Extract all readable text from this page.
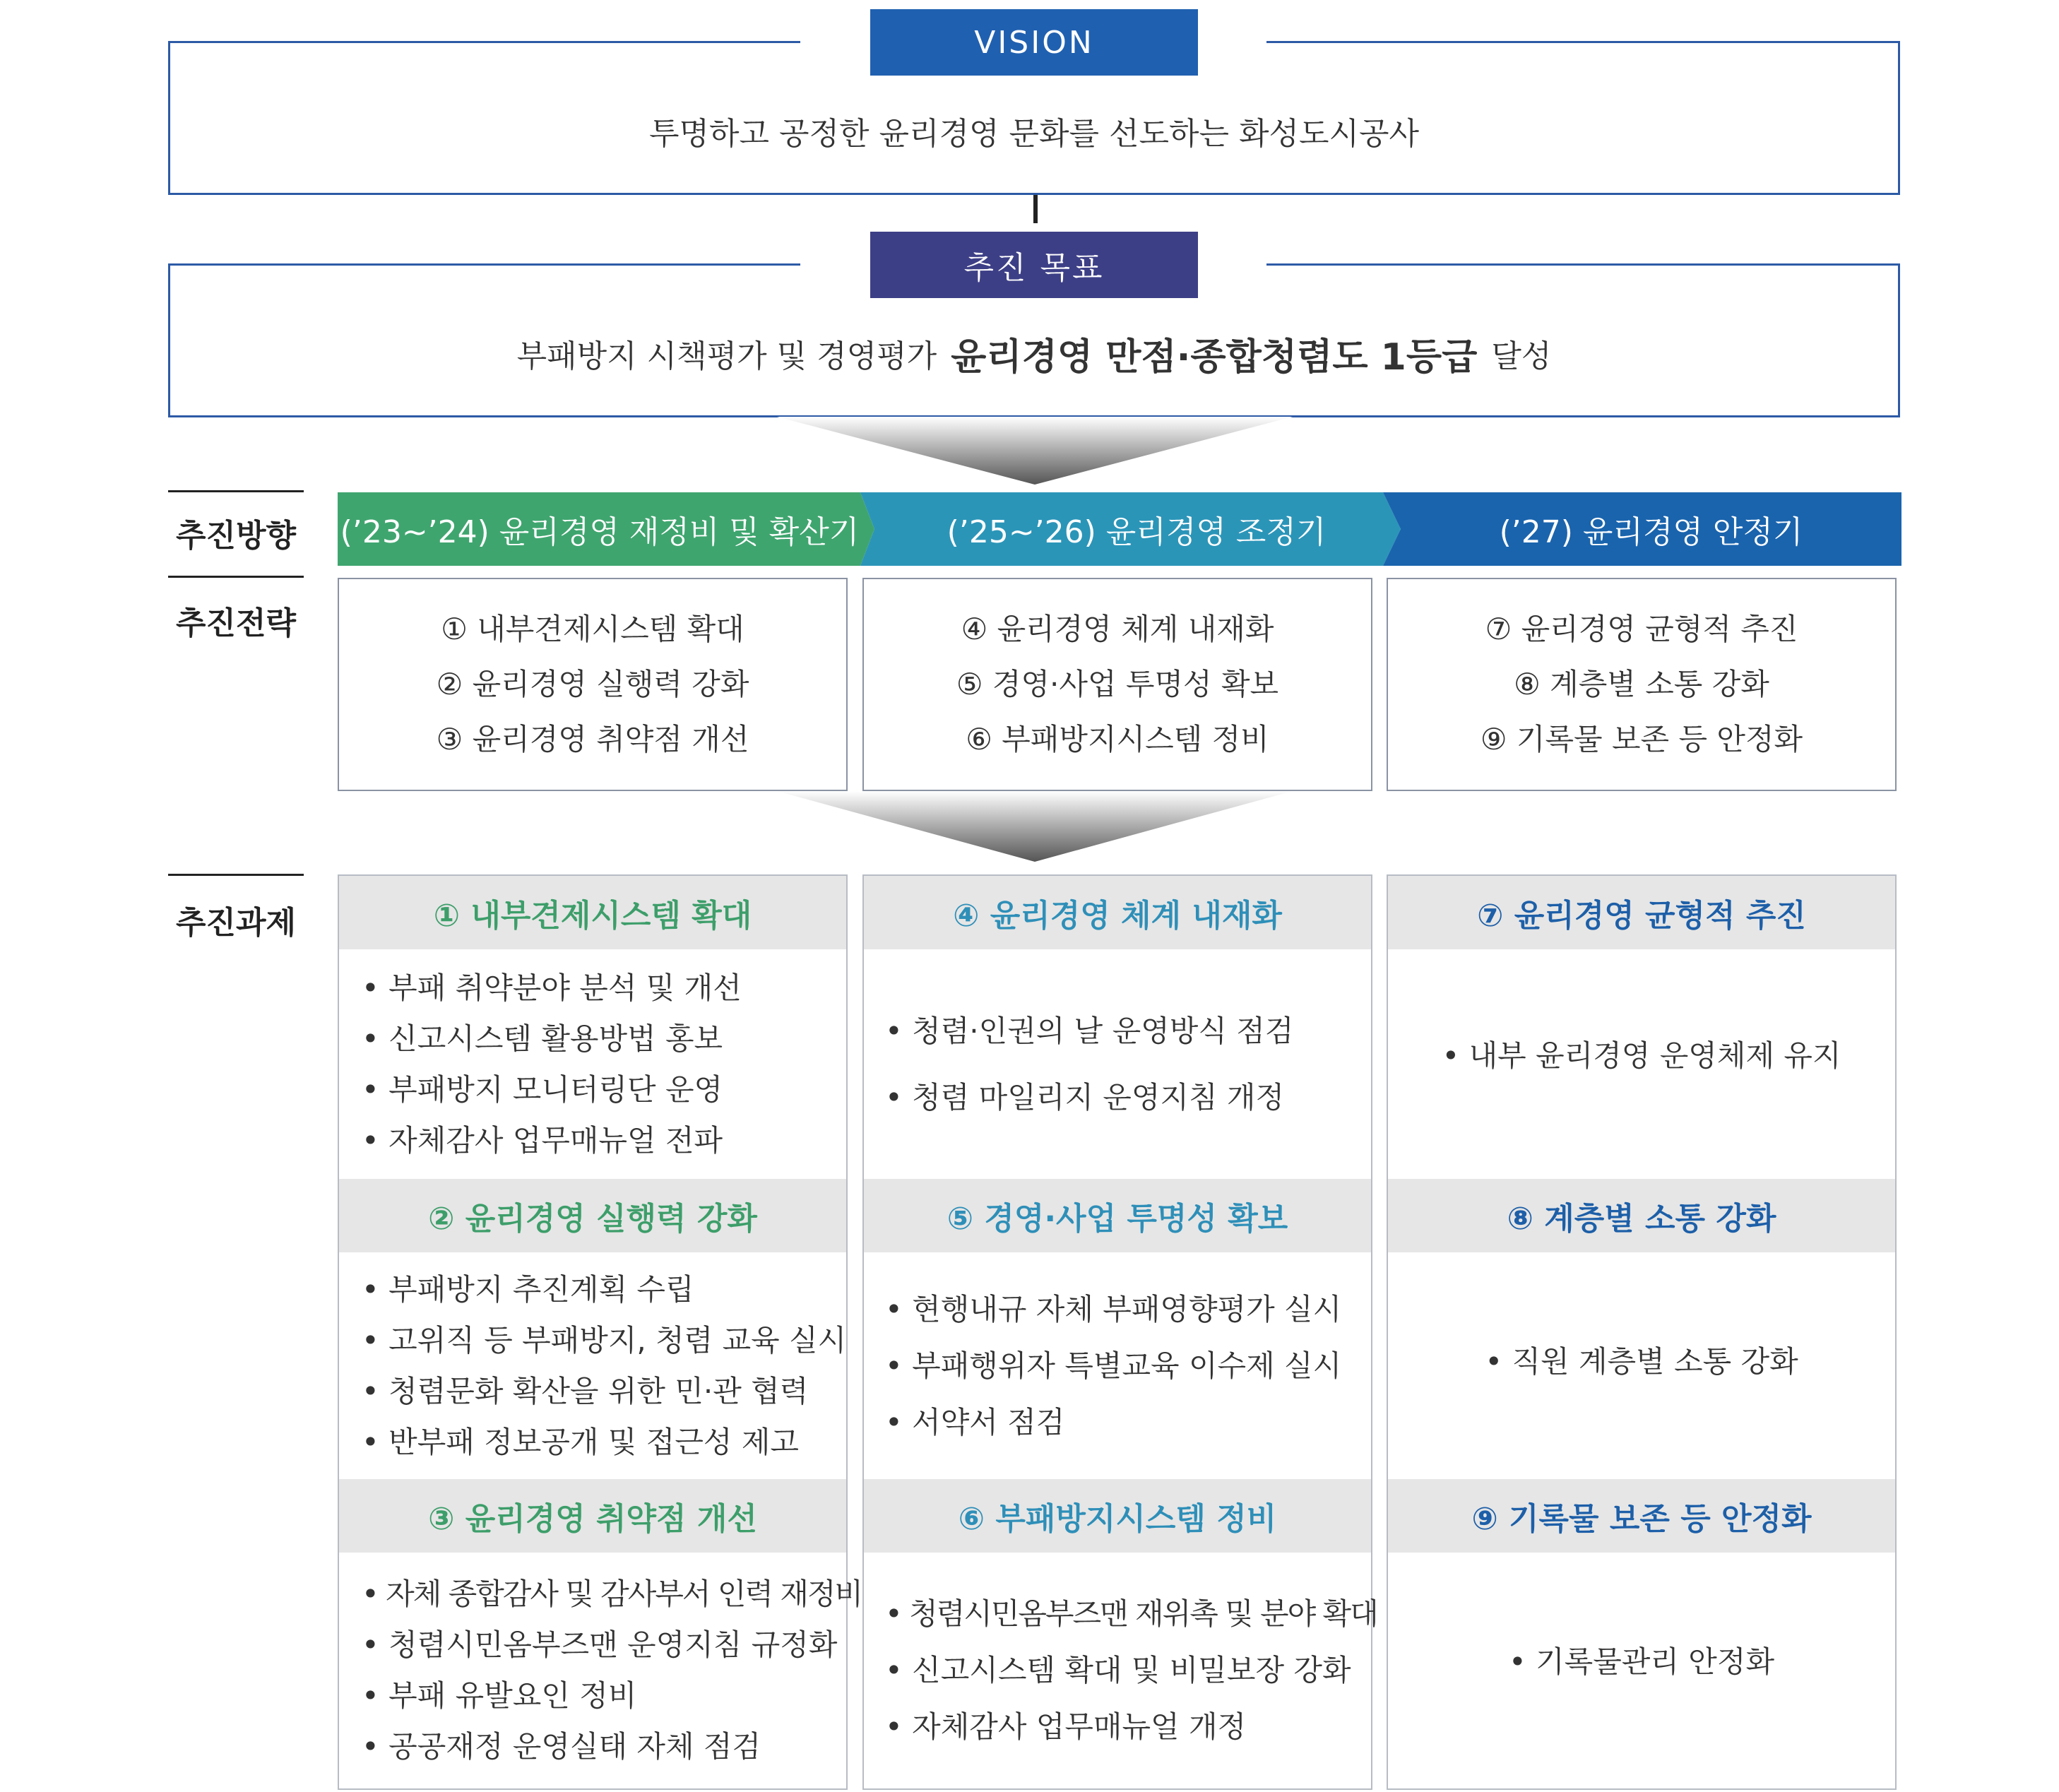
VISION
투명하고 공정한 윤리경영 문화를 선도하는 화성도시공사
추진 목표
부패방지 시책평가 및 경영평가
윤리경영 만점·종합청렴도 1등급
달성
추진방향
추진전략
추진과제
(’23~’24) 윤리경영 재정비 및 확산기	(’25~’26) 윤리경영 조정기	(’27) 윤리경영 안정기
① 내부견제시스템 확대
② 윤리경영 실행력 강화
③ 윤리경영 취약점 개선
④ 윤리경영 체계 내재화
⑤ 경영·사업 투명성 확보
⑥ 부패방지시스템 정비
⑦ 윤리경영 균형적 추진
⑧ 계층별 소통 강화
⑨ 기록물 보존 등 안정화
① 내부견제시스템 확대
• 부패 취약분야 분석 및 개선
• 신고시스템 활용방법 홍보
• 부패방지 모니터링단 운영
• 자체감사 업무매뉴얼 전파
② 윤리경영 실행력 강화
• 부패방지 추진계획 수립
• 고위직 등 부패방지, 청렴 교육 실시
• 청렴문화 확산을 위한 민·관 협력
• 반부패 정보공개 및 접근성 제고
③ 윤리경영 취약점 개선
• 자체 종합감사 및 감사부서 인력 재정비
• 청렴시민옴부즈맨 운영지침 규정화
• 부패 유발요인 정비
• 공공재정 운영실태 자체 점검
④ 윤리경영 체계 내재화
• 청렴·인권의 날 운영방식 점검
• 청렴 마일리지 운영지침 개정
⑤ 경영·사업 투명성 확보
• 현행내규 자체 부패영향평가 실시
• 부패행위자 특별교육 이수제 실시
• 서약서 점검
⑥ 부패방지시스템 정비
• 청렴시민옴부즈맨 재위촉 및 분야 확대
• 신고시스템 확대 및 비밀보장 강화
• 자체감사 업무매뉴얼 개정
⑦ 윤리경영 균형적 추진
• 내부 윤리경영 운영체제 유지
⑧ 계층별 소통 강화
• 직원 계층별 소통 강화
⑨ 기록물 보존 등 안정화
• 기록물관리 안정화
